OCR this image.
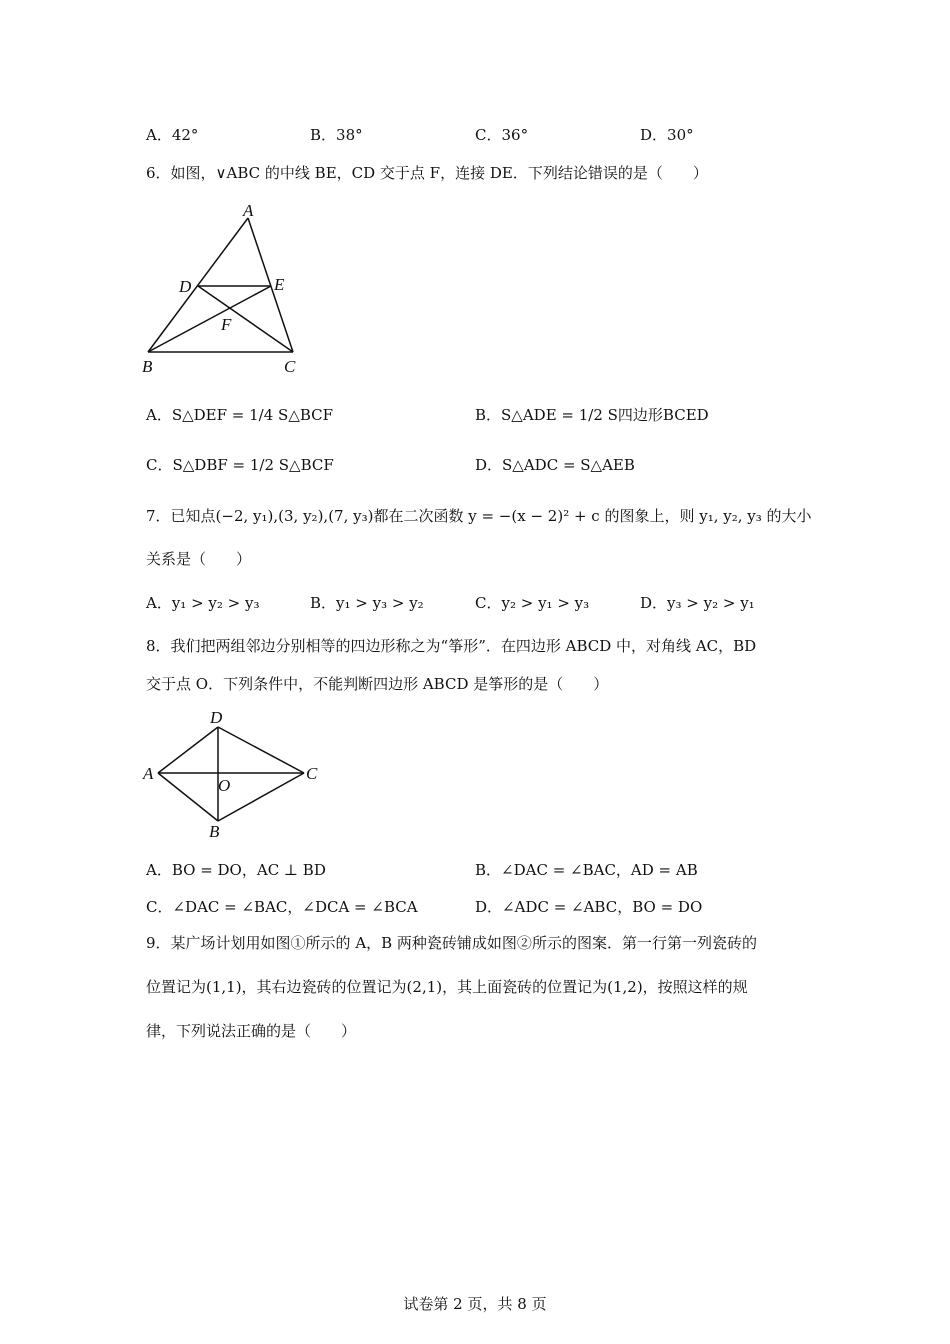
A．42°	B．38°	C．36°	D．30°
6．如图，∨ABC 的中线 BE，CD 交于点 F，连接 DE．下列结论错误的是（　　）
A
D	E
F
B	C
A．S△DEF = 1/4 S△BCF	B．S△ADE = 1/2 S四边形BCED
C．S△DBF = 1/2 S△BCF	D．S△ADC = S△AEB
7．已知点(−2, y₁),(3, y₂),(7, y₃)都在二次函数 y = −(x − 2)² + c 的图象上，则 y₁, y₂, y₃ 的大小
关系是（　　）
A．y₁ > y₂ > y₃	B．y₁ > y₃ > y₂	C．y₂ > y₁ > y₃	D．y₃ > y₂ > y₁
8．我们把两组邻边分别相等的四边形称之为“筝形”．在四边形 ABCD 中，对角线 AC，BD
交于点 O．下列条件中，不能判断四边形 ABCD 是筝形的是（　　）
D
A
O
C
B
A．BO = DO，AC ⊥ BD	B．∠DAC = ∠BAC，AD = AB
C．∠DAC = ∠BAC，∠DCA = ∠BCA	D．∠ADC = ∠ABC，BO = DO
9．某广场计划用如图①所示的 A，B 两种瓷砖铺成如图②所示的图案．第一行第一列瓷砖的
位置记为(1,1)，其右边瓷砖的位置记为(2,1)，其上面瓷砖的位置记为(1,2)，按照这样的规
律，下列说法正确的是（　　）
试卷第 2 页，共 8 页
